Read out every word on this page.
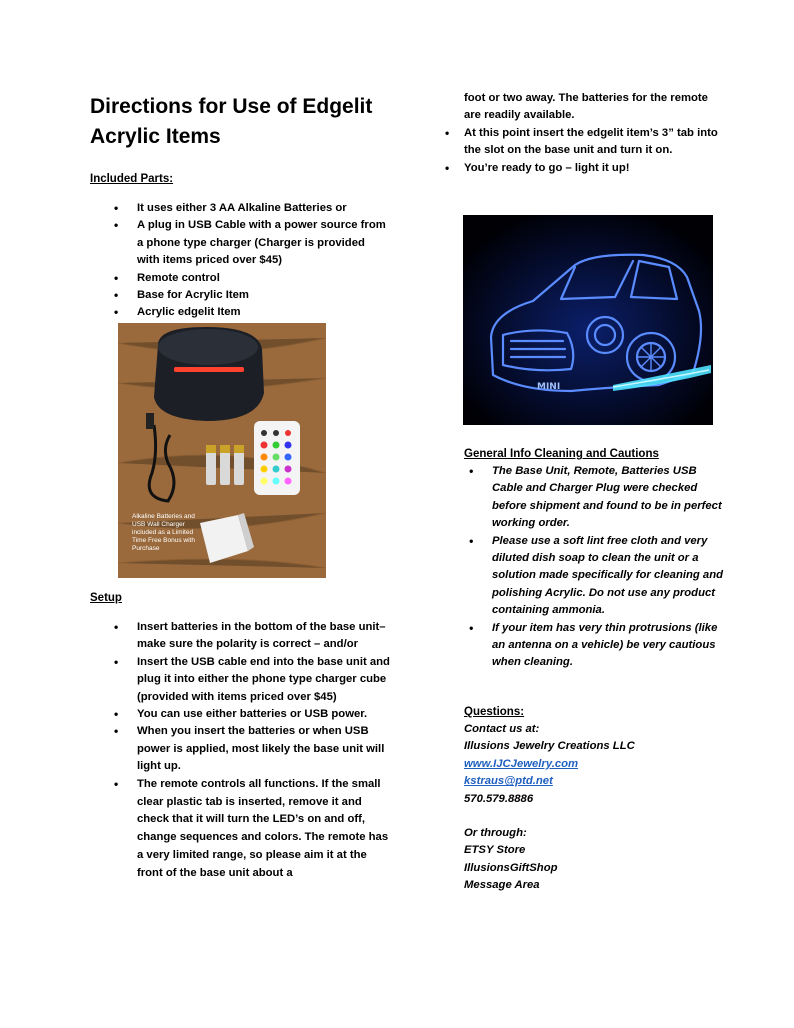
Directions for Use of Edgelit Acrylic Items

Included Parts:

• It uses either 3 AA Alkaline Batteries or
• A plug in USB Cable with a power source from a phone type charger (Charger is provided with items priced over $45)
• Remote control
• Base for Acrylic Item
• Acrylic edgelit Item
Alkaline Batteries and USB Wall Charger included as a Limited Time Free Bonus with Purchase

Setup

• Insert batteries in the bottom of the base unit– make sure the polarity is correct – and/or
• Insert the USB cable end into the base unit and plug it into either the phone type charger cube (provided with items priced over $45)
• You can use either batteries or USB power.
• When you insert the batteries or when USB power is applied, most likely the base unit will light up.
• The remote controls all functions. If the small clear plastic tab is inserted, remove it and check that it will turn the LED’s on and off, change sequences and colors. The remote has a very limited range, so please aim it at the front of the base unit about a
foot or two away. The batteries for the remote are readily available.
• At this point insert the edgelit item’s 3” tab into the slot on the base unit and turn it on.
• You’re ready to go – light it up!
MINI

General Info Cleaning and Cautions

• The Base Unit, Remote, Batteries USB Cable and Charger Plug were checked before shipment and found to be in perfect working order.
• Please use a soft lint free cloth and very diluted dish soap to clean the unit or a solution made specifically for cleaning and polishing Acrylic. Do not use any product containing ammonia.
• If your item has very thin protrusions (like an antenna on a vehicle) be very cautious when cleaning.

Questions:

Contact us at:

Illusions Jewelry Creations LLC

www.IJCJewelry.com

kstraus@ptd.net

570.579.8886

Or through:

ETSY Store

IllusionsGiftShop

Message Area
